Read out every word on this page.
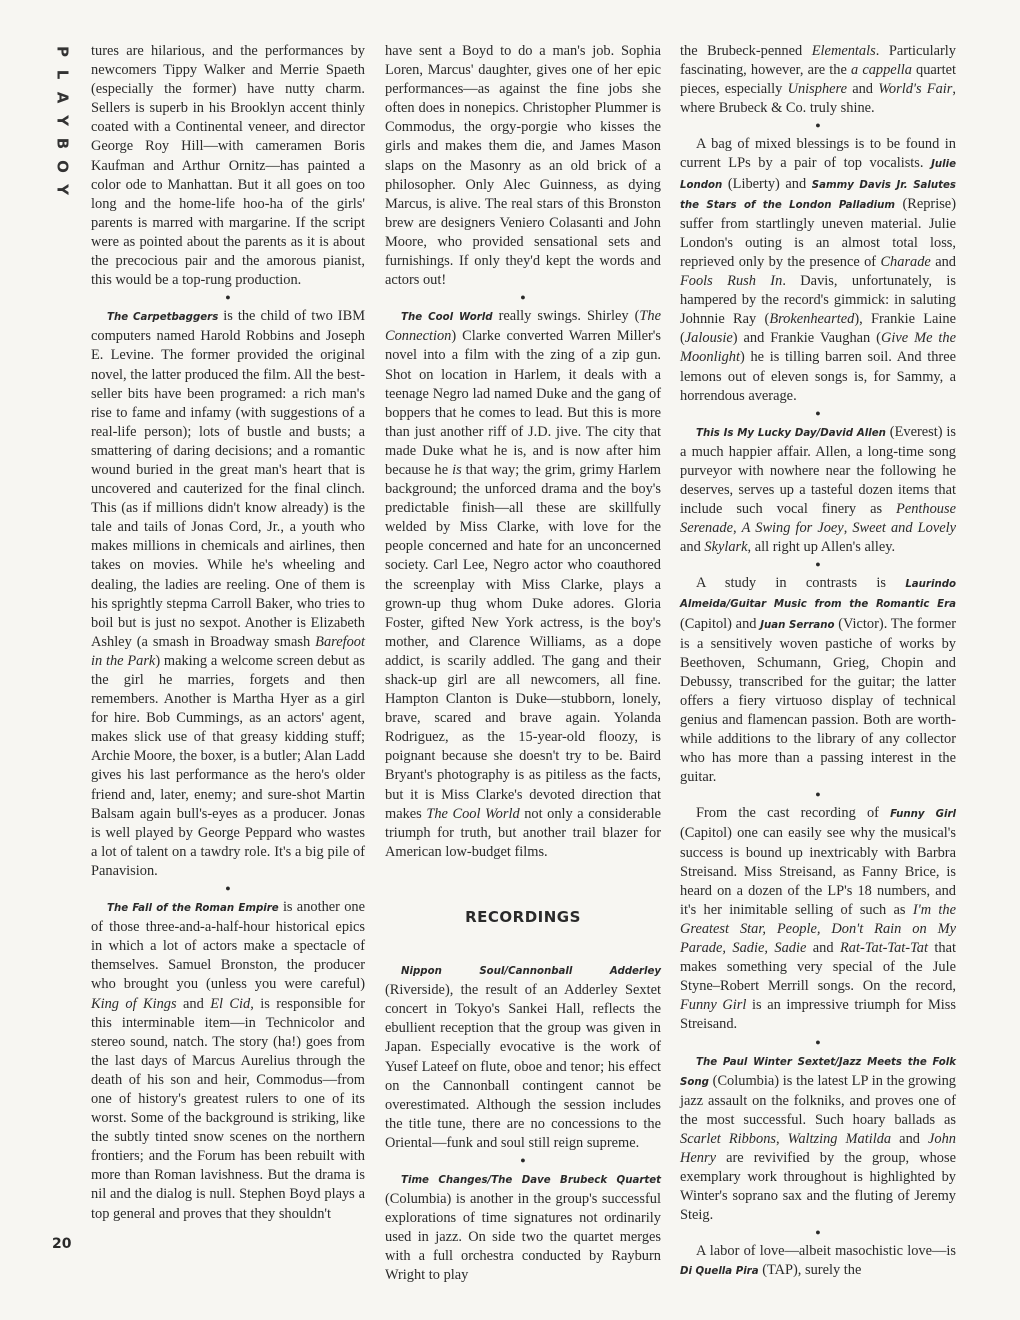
P
L
A
Y
B
O
Y
20

tures are hilarious, and the performances by newcomers Tippy Walker and Merrie Spaeth (especially the former) have nutty charm. Sellers is superb in his Brooklyn accent thinly coated with a Continental veneer, and director George Roy Hill—with cameramen Boris Kaufman and Arthur Ornitz—has painted a color ode to Manhattan. But it all goes on too long and the home-life hoo-ha of the girls' parents is marred with margarine. If the script were as pointed about the parents as it is about the precocious pair and the amorous pianist, this would be a top-rung production.

●

The Carpetbaggers is the child of two IBM computers named Harold Robbins and Joseph E. Levine. The former provided the original novel, the latter produced the film. All the best-seller bits have been programed: a rich man's rise to fame and infamy (with suggestions of a real-life person); lots of bustle and busts; a smattering of daring decisions; and a romantic wound buried in the great man's heart that is uncovered and cauterized for the final clinch. This (as if millions didn't know already) is the tale and tails of Jonas Cord, Jr., a youth who makes millions in chemicals and airlines, then takes on movies. While he's wheeling and dealing, the ladies are reeling. One of them is his sprightly stepma Carroll Baker, who tries to boil but is just no sexpot. Another is Elizabeth Ashley (a smash in Broadway smash Barefoot in the Park) making a welcome screen debut as the girl he marries, forgets and then remembers. Another is Martha Hyer as a girl for hire. Bob Cummings, as an actors' agent, makes slick use of that greasy kidding stuff; Archie Moore, the boxer, is a butler; Alan Ladd gives his last performance as the hero's older friend and, later, enemy; and sure-shot Martin Balsam again bull's-eyes as a producer. Jonas is well played by George Peppard who wastes a lot of talent on a tawdry role. It's a big pile of Panavision.

●

The Fall of the Roman Empire is another one of those three-and-a-half-hour historical epics in which a lot of actors make a spectacle of themselves. Samuel Bronston, the producer who brought you (unless you were careful) King of Kings and El Cid, is responsible for this interminable item—in Technicolor and stereo sound, natch. The story (ha!) goes from the last days of Marcus Aurelius through the death of his son and heir, Commodus—from one of history's greatest rulers to one of its worst. Some of the background is striking, like the subtly tinted snow scenes on the northern frontiers; and the Forum has been rebuilt with more than Roman lavishness. But the drama is nil and the dialog is null. Stephen Boyd plays a top general and proves that they shouldn't

have sent a Boyd to do a man's job. Sophia Loren, Marcus' daughter, gives one of her epic performances—as against the fine jobs she often does in nonepics. Christopher Plummer is Commodus, the orgy-porgie who kisses the girls and makes them die, and James Mason slaps on the Masonry as an old brick of a philosopher. Only Alec Guinness, as dying Marcus, is alive. The real stars of this Bronston brew are designers Veniero Colasanti and John Moore, who provided sensational sets and furnishings. If only they'd kept the words and actors out!

●

The Cool World really swings. Shirley (The Connection) Clarke converted Warren Miller's novel into a film with the zing of a zip gun. Shot on location in Harlem, it deals with a teenage Negro lad named Duke and the gang of boppers that he comes to lead. But this is more than just another riff of J.D. jive. The city that made Duke what he is, and is now after him because he is that way; the grim, grimy Harlem background; the unforced drama and the boy's predictable finish—all these are skillfully welded by Miss Clarke, with love for the people concerned and hate for an unconcerned society. Carl Lee, Negro actor who coauthored the screenplay with Miss Clarke, plays a grown-up thug whom Duke adores. Gloria Foster, gifted New York actress, is the boy's mother, and Clarence Williams, as a dope addict, is scarily addled. The gang and their shack-up girl are all newcomers, all fine. Hampton Clanton is Duke—stubborn, lonely, brave, scared and brave again. Yolanda Rodriguez, as the 15-year-old floozy, is poignant because she doesn't try to be. Baird Bryant's photography is as pitiless as the facts, but it is Miss Clarke's devoted direction that makes The Cool World not only a considerable triumph for truth, but another trail blazer for American low-budget films.

RECORDINGS

Nippon Soul/Cannonball Adderley (Riverside), the result of an Adderley Sextet concert in Tokyo's Sankei Hall, reflects the ebullient reception that the group was given in Japan. Especially evocative is the work of Yusef Lateef on flute, oboe and tenor; his effect on the Cannonball contingent cannot be overestimated. Although the session includes the title tune, there are no concessions to the Oriental—funk and soul still reign supreme.

●

Time Changes/The Dave Brubeck Quartet (Columbia) is another in the group's successful explorations of time signatures not ordinarily used in jazz. On side two the quartet merges with a full orchestra conducted by Rayburn Wright to play

the Brubeck-penned Elementals. Particularly fascinating, however, are the a cappella quartet pieces, especially Unisphere and World's Fair, where Brubeck & Co. truly shine.

●

A bag of mixed blessings is to be found in current LPs by a pair of top vocalists. Julie London (Liberty) and Sammy Davis Jr. Salutes the Stars of the London Palladium (Reprise) suffer from startlingly uneven material. Julie London's outing is an almost total loss, reprieved only by the presence of Charade and Fools Rush In. Davis, unfortunately, is hampered by the record's gimmick: in saluting Johnnie Ray (Brokenhearted), Frankie Laine (Jalousie) and Frankie Vaughan (Give Me the Moonlight) he is tilling barren soil. And three lemons out of eleven songs is, for Sammy, a horrendous average.

●

This Is My Lucky Day/David Allen (Everest) is a much happier affair. Allen, a long-time song purveyor with nowhere near the following he deserves, serves up a tasteful dozen items that include such vocal finery as Penthouse Serenade, A Swing for Joey, Sweet and Lovely and Skylark, all right up Allen's alley.

●

A study in contrasts is Laurindo Almeida/Guitar Music from the Romantic Era (Capitol) and Juan Serrano (Victor). The former is a sensitively woven pastiche of works by Beethoven, Schumann, Grieg, Chopin and Debussy, transcribed for the guitar; the latter offers a fiery virtuoso display of technical genius and flamencan passion. Both are worth-while additions to the library of any collector who has more than a passing interest in the guitar.

●

From the cast recording of Funny Girl (Capitol) one can easily see why the musical's success is bound up inextricably with Barbra Streisand. Miss Streisand, as Fanny Brice, is heard on a dozen of the LP's 18 numbers, and it's her inimitable selling of such as I'm the Greatest Star, People, Don't Rain on My Parade, Sadie, Sadie and Rat-Tat-Tat-Tat that makes something very special of the Jule Styne–Robert Merrill songs. On the record, Funny Girl is an impressive triumph for Miss Streisand.

●

The Paul Winter Sextet/Jazz Meets the Folk Song (Columbia) is the latest LP in the growing jazz assault on the folkniks, and proves one of the most successful. Such hoary ballads as Scarlet Ribbons, Waltzing Matilda and John Henry are revivified by the group, whose exemplary work throughout is highlighted by Winter's soprano sax and the fluting of Jeremy Steig.

●

A labor of love—albeit masochistic love—is Di Quella Pira (TAP), surely the
